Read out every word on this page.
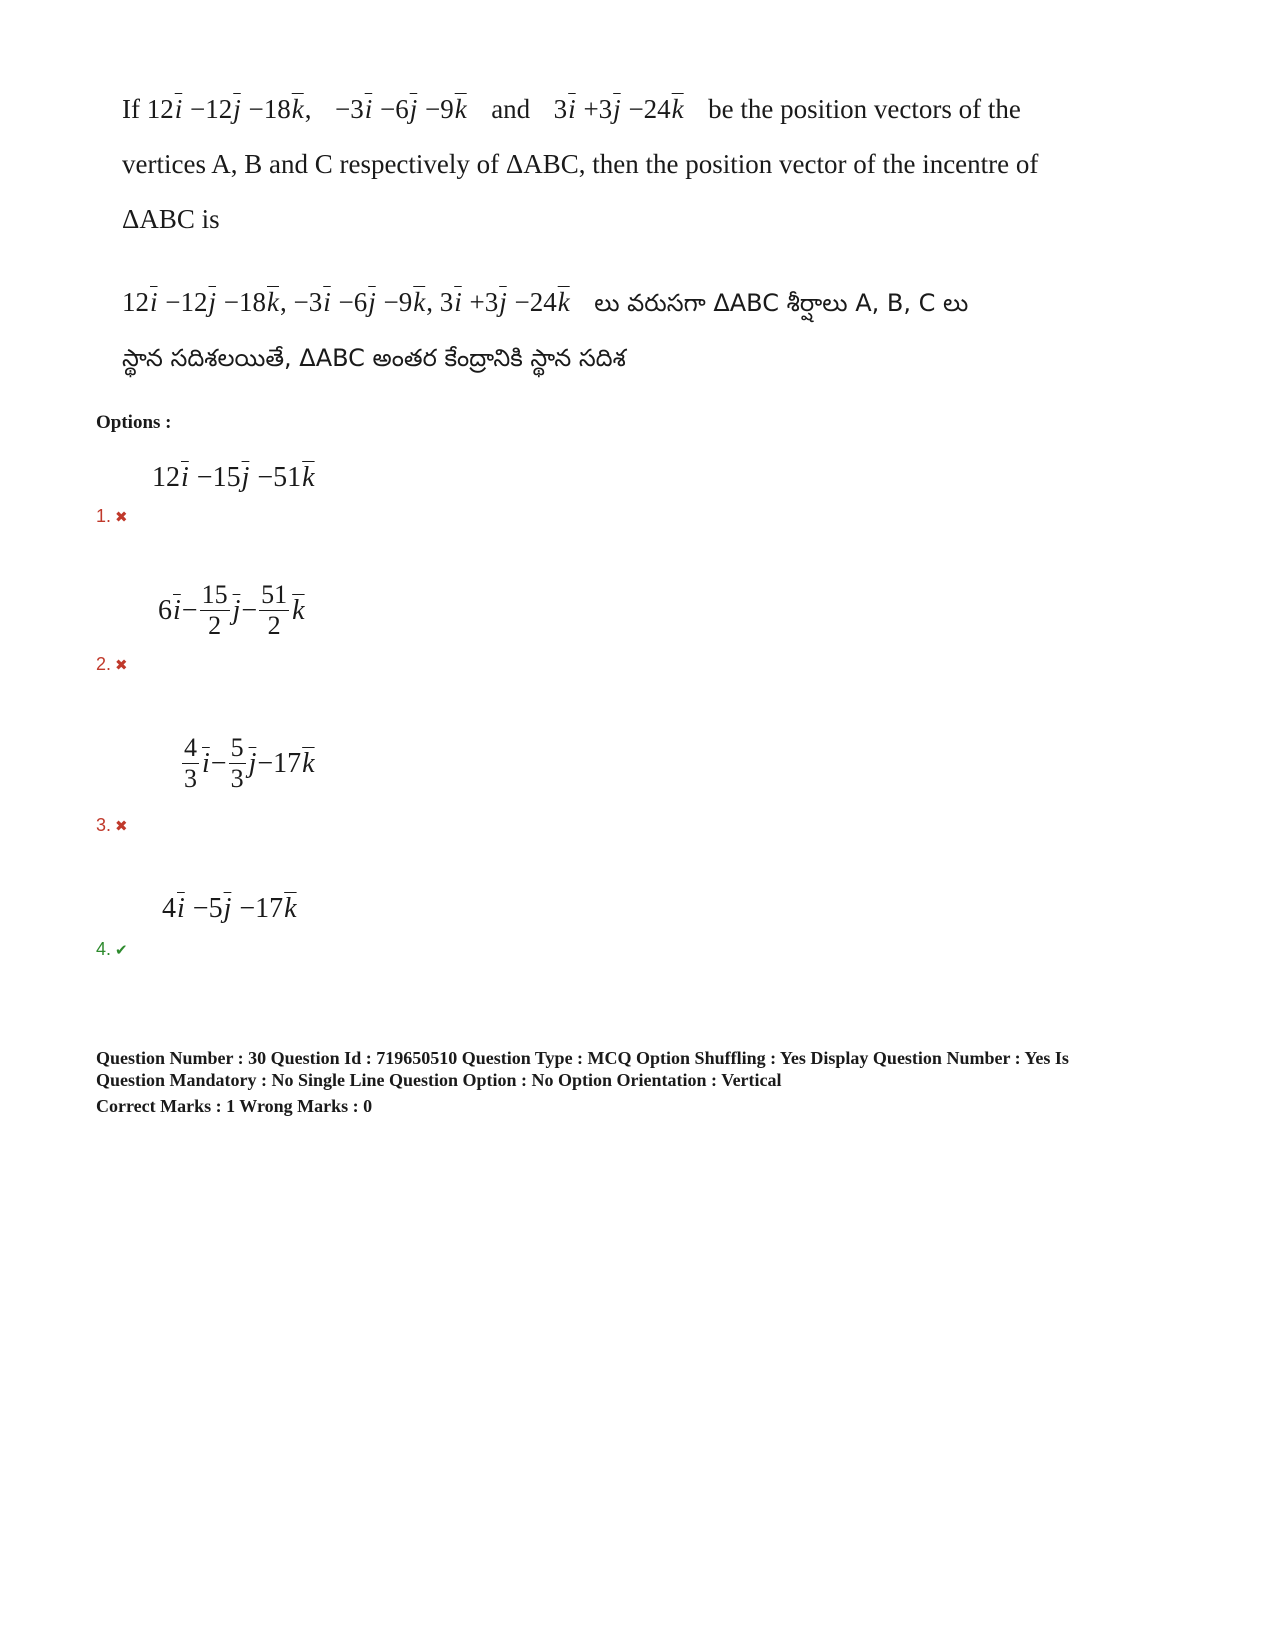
If $12\overline{i} -12\overline{j} -18\overline{k}$, $-3\overline{i} -6\overline{j} -9\overline{k}$ and $3\overline{i} +3\overline{j} -24\overline{k}$ be the position vectors of the
vertices A, B and C respectively of ΔABC, then the position vector of the incentre of
ΔABC is
$12\overline{i} -12\overline{j} -18\overline{k}$, $-3\overline{i} -6\overline{j} -9\overline{k}$, $3\overline{i} +3\overline{j} -24\overline{k}$ లు వరుసగా ΔABC శీర్షాలు A, B, C లు
స్థాన సదిశలయితే, ΔABC అంతర కేంద్రానికి స్థాన సదిశ
Options :
12 $\overline{i}$
−15 $\overline{j}$
−51 $\overline{k}$
1. ✖
6 $\overline{i} - \frac{15}{2} \overline{j} - \frac{51}{2} \overline{k}$
2. ✖
$\frac{4}{3} \overline{i} - \frac{5}{3} \overline{j} -17$ $\overline{k}$
3. ✖
4 $\overline{i}$
−5 $\overline{j}$
−17 $\overline{k}$
4. ✔
Question Number : 30 Question Id : 719650510 Question Type : MCQ Option Shuffling : Yes Display Question Number : Yes Is
Question Mandatory : No Single Line Question Option : No Option Orientation : Vertical
Correct Marks : 1 Wrong Marks : 0
